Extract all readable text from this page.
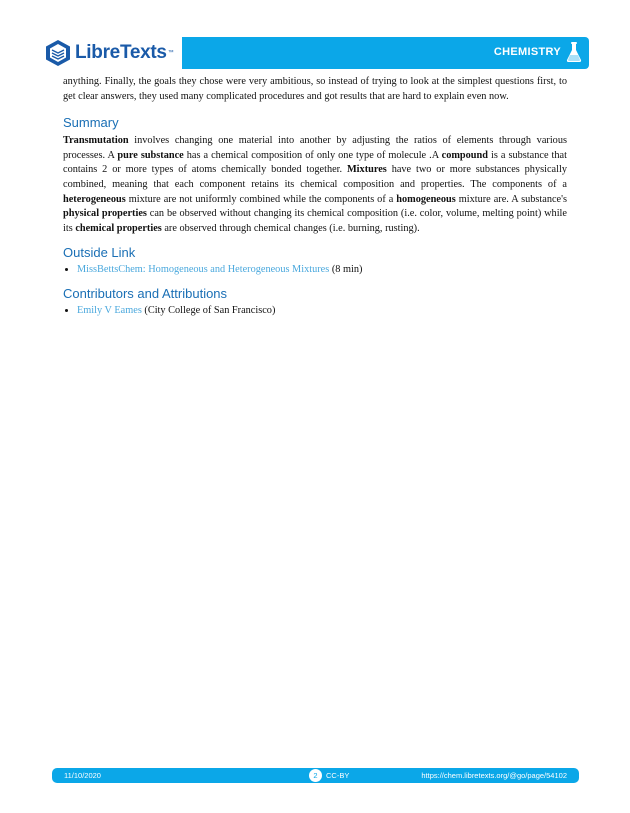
CHEMISTRY
LibreTexts ™

anything. Finally, the goals they chose were very ambitious, so instead of trying to look at the simplest questions first, to get clear answers, they used many complicated procedures and got results that are hard to explain even now.

Summary

Transmutation involves changing one material into another by adjusting the ratios of elements through various processes. A pure substance has a chemical composition of only one type of molecule .A compound is a substance that contains 2 or more types of atoms chemically bonded together. Mixtures have two or more substances physically combined, meaning that each component retains its chemical composition and properties. The components of a heterogeneous mixture are not uniformly combined while the components of a homogeneous mixture are. A substance's physical properties can be observed without changing its chemical composition (i.e. color, volume, melting point) while its chemical properties are observed through chemical changes (i.e. burning, rusting).

Outside Link
• MissBettsChem: Homogeneous and Heterogeneous Mixtures (8 min)
Contributors and Attributions
• Emily V Eames (City College of San Francisco)
11/10/2020	2	CC-BY	https://chem.libretexts.org/@go/page/54102
